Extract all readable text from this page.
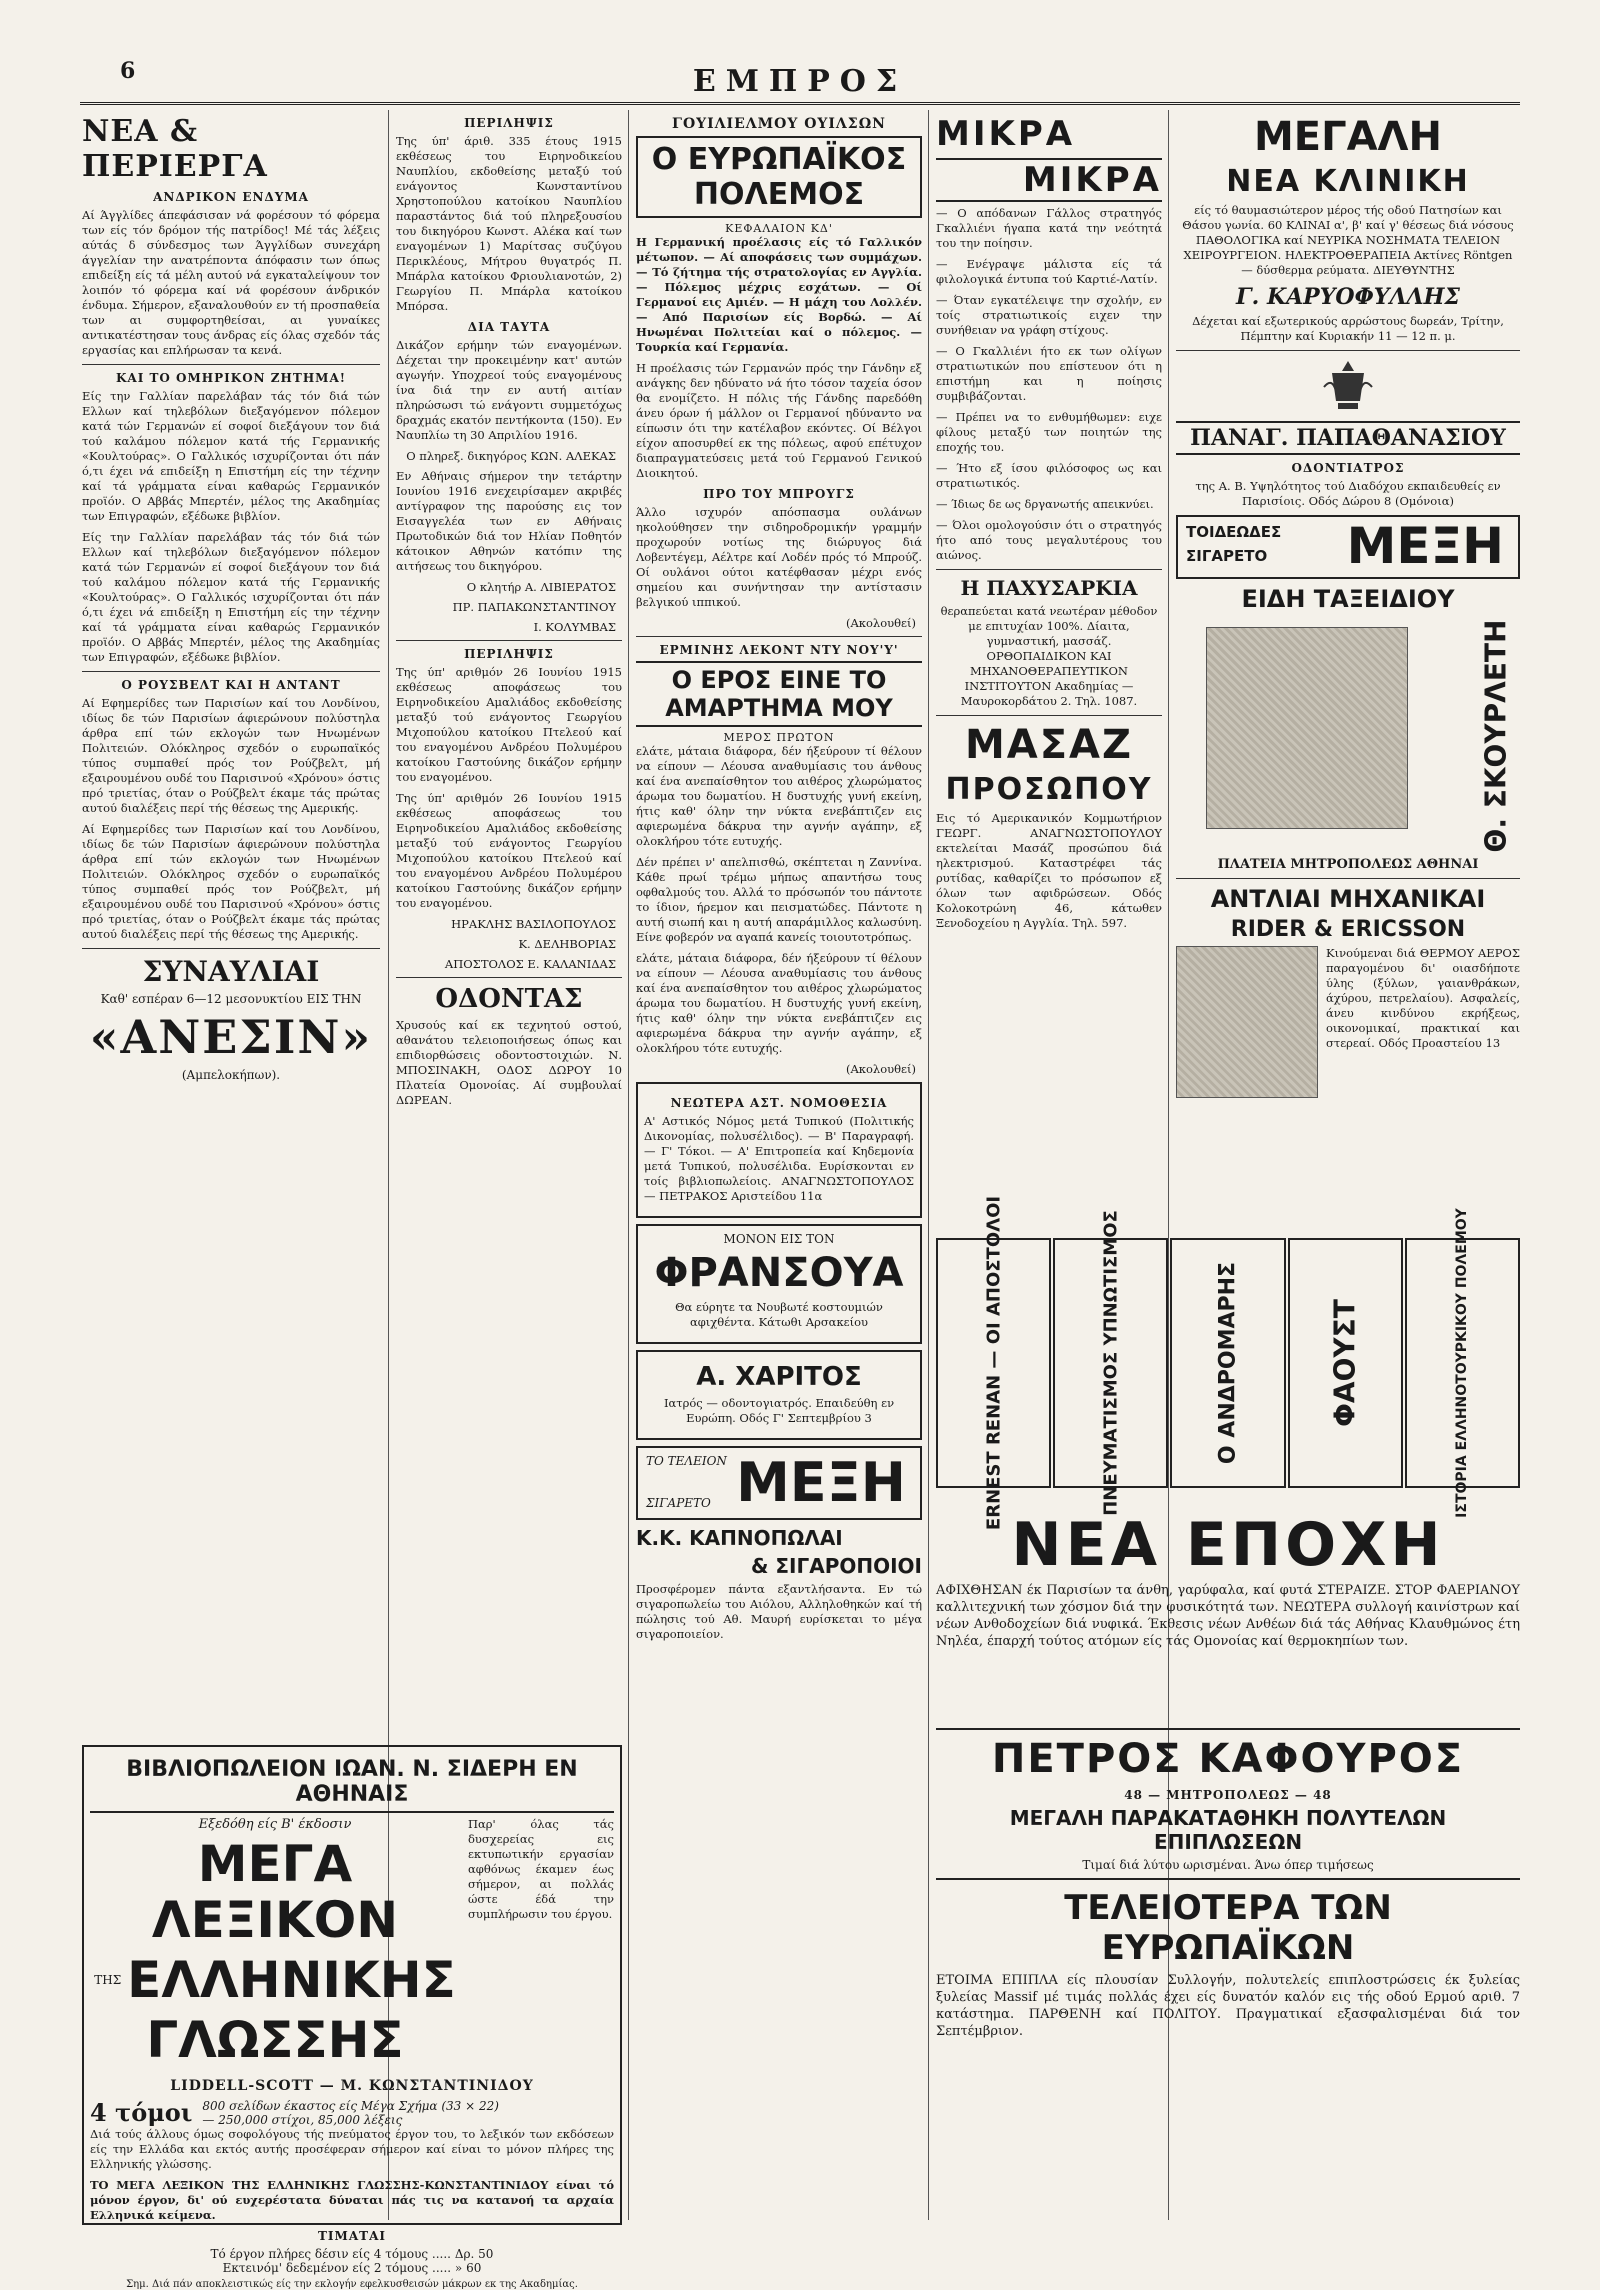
6	ΕΜΠΡΟΣ
ΝΕΑ & ΠΕΡΙΕΡΓΑ
ΑΝΔΡΙΚΟΝ ΕΝΔΥΜΑ

Αί Άγγλίδες άπεφάσισαν νά φορέσουν τό φόρεμα των είς τόν δρόμον τής πατρίδος! Μέ τάς λέξεις αύτάς δ σύνδεσμος των Άγγλίδων συνεχάρη άγγελίαν την ανατρέποντα άπόφασιν των όπως επιδείξη είς τά μέλη αυτού νά εγκαταλείψουν τον λοιπόν τό φόρεμα καί νά φορέσουν άνδρικόν ένδυμα. Σήμερον, εξαναλουθούν εν τή προσπαθεία των αι συμφορτηθείσαι, αι γυναίκες αντικατέστησαν τους άνδρας είς όλας σχεδόν τάς εργασίας και επλήρωσαν τα κενά.

ΚΑΙ ΤΟ ΟΜΗΡΙΚΟΝ ΖΗΤΗΜΑ!

Είς την Γαλλίαν παρελάβαν τάς τόν διά τών Ελλων καί τηλεβόλων διεξαγόμενον πόλεμον κατά τών Γερμανών εί σοφοί διεξάγουν τον διά τού καλάμου πόλεμον κατά τής Γερμανικής «Κουλτούρας». Ο Γαλλικός ισχυρίζονται ότι πάν ό,τι έχει νά επιδείξη η Επιστήμη είς την τέχνην καί τά γράμματα είναι καθαρώς Γερμανικόν προϊόν. Ο Αββάς Μπερτέν, μέλος της Ακαδημίας των Επιγραφών, εξέδωκε βιβλίον.

Είς την Γαλλίαν παρελάβαν τάς τόν διά τών Ελλων καί τηλεβόλων διεξαγόμενον πόλεμον κατά τών Γερμανών εί σοφοί διεξάγουν τον διά τού καλάμου πόλεμον κατά τής Γερμανικής «Κουλτούρας». Ο Γαλλικός ισχυρίζονται ότι πάν ό,τι έχει νά επιδείξη η Επιστήμη είς την τέχνην καί τά γράμματα είναι καθαρώς Γερμανικόν προϊόν. Ο Αββάς Μπερτέν, μέλος της Ακαδημίας των Επιγραφών, εξέδωκε βιβλίον.

Ο ΡΟΥΣΒΕΛΤ ΚΑΙ Η ΑΝΤΑΝΤ

Αί Εφημερίδες των Παρισίων καί του Λονδίνου, ιδίως δε τών Παρισίων άφιερώνουν πολύστηλα άρθρα επί τών εκλογών των Ηνωμένων Πολιτειών. Ολόκληρος σχεδόν ο ευρωπαϊκός τύπος συμπαθεί πρός τον Ρούζβελτ, μή εξαιρουμένου ουδέ του Παρισινού «Χρόνου» όστις πρό τριετίας, όταν ο Ρούζβελτ έκαμε τάς πρώτας αυτού διαλέξεις περί τής θέσεως της Αμερικής.

Αί Εφημερίδες των Παρισίων καί του Λονδίνου, ιδίως δε τών Παρισίων άφιερώνουν πολύστηλα άρθρα επί τών εκλογών των Ηνωμένων Πολιτειών. Ολόκληρος σχεδόν ο ευρωπαϊκός τύπος συμπαθεί πρός τον Ρούζβελτ, μή εξαιρουμένου ουδέ του Παρισινού «Χρόνου» όστις πρό τριετίας, όταν ο Ρούζβελτ έκαμε τάς πρώτας αυτού διαλέξεις περί τής θέσεως της Αμερικής.

ΣΥΝΑΥΛΙΑΙ
Καθ' εσπέραν 6—12 μεσονυκτίου ΕΙΣ ΤΗΝ
«ΑΝΕΣΙΝ»
(Αμπελοκήπων).
ΠΕΡΙΛΗΨΙΣ

Της ύπ' άριθ. 335 έτους 1915 εκθέσεως του Ειρηνοδικείου Ναυπλίου, εκδοθείσης μεταξύ τού ενάγοντος Κωνσταντίνου Χρηστοπούλου κατοίκου Ναυπλίου παραστάντος διά τού πληρεξουσίου του δικηγόρου Κωνστ. Αλέκα καί των εναγομένων 1) Μαρίτσας συζύγου Περικλέους, Μήτρου θυγατρός Π. Μπάρλα κατοίκου Φριουλιανοτών, 2) Γεωργίου Π. Μπάρλα κατοίκου Μπόρσα.

ΔΙΑ ΤΑΥΤΑ

Δικάζον ερήμην τών εναγομένων. Δέχεται την προκειμένην κατ' αυτών αγωγήν. Υποχρεοί τούς εναγομένους ίνα διά την εν αυτή αιτίαν πληρώσωσι τώ ενάγοντι συμμετόχως δραχμάς εκατόν πεντήκοντα (150). Εν Ναυπλίω τη 30 Απριλίου 1916.

Ο πληρεξ. δικηγόρος ΚΩΝ. ΑΛΕΚΑΣ

Εν Αθήναις σήμερον την τετάρτην Ιουνίου 1916 ενεχειρίσαμεν ακριβές αντίγραφον της παρούσης εις τον Εισαγγελέα των εν Αθήναις Πρωτοδικών διά τον Ηλίαν Ποθητόν κάτοικον Αθηνών κατόπιν της αιτήσεως του δικηγόρου.

Ο κλητήρ Α. ΛΙΒΙΕΡΑΤΟΣ
ΠΡ. ΠΑΠΑΚΩΝΣΤΑΝΤΙΝΟΥ
Ι. ΚΟΛΥΜΒΑΣ
ΠΕΡΙΛΗΨΙΣ

Της ύπ' αριθμόν 26 Ιουνίου 1915 εκθέσεως αποφάσεως του Ειρηνοδικείου Αμαλιάδος εκδοθείσης μεταξύ τού ενάγοντος Γεωργίου Μιχοπούλου κατοίκου Πτελεού καί του εναγομένου Ανδρέου Πολυμέρου κατοίκου Γαστούνης δικάζον ερήμην του εναγομένου.

Της ύπ' αριθμόν 26 Ιουνίου 1915 εκθέσεως αποφάσεως του Ειρηνοδικείου Αμαλιάδος εκδοθείσης μεταξύ τού ενάγοντος Γεωργίου Μιχοπούλου κατοίκου Πτελεού καί του εναγομένου Ανδρέου Πολυμέρου κατοίκου Γαστούνης δικάζον ερήμην του εναγομένου.

ΗΡΑΚΛΗΣ ΒΑΣΙΛΟΠΟΥΛΟΣ
Κ. ΔΕΛΗΒΟΡΙΑΣ
ΑΠΟΣΤΟΛΟΣ Ε. ΚΑΛΑΝΙΔΑΣ
ΟΔΟΝΤΑΣ

Χρυσούς καί εκ τεχνητού οστού, αθανάτου τελειοποιήσεως όπως και επιδιορθώσεις οδοντοστοιχιών. Ν. ΜΠΟΣΙΝΑΚΗ, ΟΔΟΣ ΔΩΡΟΥ 10 Πλατεία Ομονοίας. Αί συμβουλαί ΔΩΡΕΑΝ.

ΓΟΥΙΛΙΕΛΜΟΥ ΟΥΙΛΣΩΝ
Ο ΕΥΡΩΠΑΪΚΟΣ ΠΟΛΕΜΟΣ
ΚΕΦΑΛΑΙΟΝ ΚΔ'

Η Γερμανική προέλασις είς τό Γαλλικόν μέτωπον. — Αί αποφάσεις των συμμάχων. — Τό ζήτημα τής στρατολογίας εν Αγγλία. — Πόλεμος μέχρις εσχάτων. — Οί Γερμανοί εις Αμιέν. — Η μάχη του Λολλέν. — Από Παρισίων είς Βορδώ. — Αί Ηνωμέναι Πολιτείαι καί ο πόλεμος. — Τουρκία καί Γερμανία.

Η προέλασις τών Γερμανών πρός την Γάνδην εξ ανάγκης δεν ηδύνατο νά ήτο τόσον ταχεία όσον θα ενομίζετο. Η πόλις τής Γάνδης παρεδόθη άνευ όρων ή μάλλον οι Γερμανοί ηδύναντο να είπωσιν ότι την κατέλαβον εκόντες. Οί Βέλγοι είχον αποσυρθεί εκ της πόλεως, αφού επέτυχον διαπραγματεύσεις μετά τού Γερμανού Γενικού Διοικητού.

ΠΡΟ ΤΟΥ ΜΠΡΟΥΓΣ

Άλλο ισχυρόν απόσπασμα ουλάνων ηκολούθησεν την σιδηροδρομικήν γραμμήν προχωρούν νοτίως της διώρυγος διά Λοβεντέγεμ, Αέλτρε καί Λοδέν πρός τό Μπρούζ. Οί ουλάνοι ούτοι κατέφθασαν μέχρι ενός σημείου και συνήντησαν την αντίστασιν βελγικού ιππικού.

(Ακολουθεί)
ΕΡΜΙΝΗΣ ΛΕΚΟΝΤ ΝΤΥ ΝΟΥ'Υ'
Ο ΕΡΟΣ ΕΙΝΕ ΤΟ ΑΜΑΡΤΗΜΑ ΜΟΥ
ΜΕΡΟΣ ΠΡΩΤΟΝ

ελάτε, μάταια διάφορα, δέν ήξεύρουν τί θέλουν να είπουν — Λέουσα αναθυμίασις του άνθους καί ένα ανεπαίσθητον του αιθέρος χλωρώματος άρωμα του δωματίου. Η δυστυχής γυνή εκείνη, ήτις καθ' όλην την νύκτα ενεβάπτιζεν εις αφιερωμένα δάκρυα την αγνήν αγάπην, εξ ολοκλήρου τότε ευτυχής.

Δέν πρέπει ν' απελπισθώ, σκέπτεται η Ζαννίνα. Κάθε πρωί τρέμω μήπως απαντήσω τους οφθαλμούς του. Αλλά το πρόσωπόν του πάντοτε το ίδιον, ήρεμον και πεισματώδες. Πάντοτε η αυτή σιωπή και η αυτή απαράμιλλος καλωσύνη. Είνε φοβερόν να αγαπά κανείς τοιουτοτρόπως.

ελάτε, μάταια διάφορα, δέν ήξεύρουν τί θέλουν να είπουν — Λέουσα αναθυμίασις του άνθους καί ένα ανεπαίσθητον του αιθέρος χλωρώματος άρωμα του δωματίου. Η δυστυχής γυνή εκείνη, ήτις καθ' όλην την νύκτα ενεβάπτιζεν εις αφιερωμένα δάκρυα την αγνήν αγάπην, εξ ολοκλήρου τότε ευτυχής.

(Ακολουθεί)
ΝΕΩΤΕΡΑ ΑΣΤ. ΝΟΜΟΘΕΣΙΑ

Α' Αστικός Νόμος μετά Τυπικού (Πολιτικής Δικονομίας, πολυσέλιδος). — Β' Παραγραφή. — Γ' Τόκοι. — Α' Επιτροπεία καί Κηδεμονία μετά Τυπικού, πολυσέλιδα. Ευρίσκονται εν τοίς βιβλιοπωλείοις. ΑΝΑΓΝΩΣΤΟΠΟΥΛΟΣ — ΠΕΤΡΑΚΟΣ Αριστείδου 11α

ΜΟΝΟΝ ΕΙΣ ΤΟΝ
ΦΡΑΝΣΟΥΑ

Θα εύρητε τα Νουβωτέ κοστουμιών αφιχθέντα. Κάτωθι Αρσακείου

Α. ΧΑΡΙΤΟΣ

Ιατρός — οδοντογιατρός. Επαιδεύθη εν Ευρώπη. Οδός Γ' Σεπτεμβρίου 3

ΤΟ ΤΕΛΕΙΟΝ
ΣΙΓΑΡΕΤΟ ΜΕΞΗ
Κ.Κ. ΚΑΠΝΟΠΩΛΑΙ
& ΣΙΓΑΡΟΠΟΙΟΙ

Προσφέρομεν πάντα εξαντλήσαντα. Εν τώ σιγαροπωλείω του Αιόλου, Αλληλοθηκών καί τή πώλησις τού Αθ. Μαυρή ευρίσκεται το μέγα σιγαροποιείον.

ΜΙΚΡΑ
ΜΙΚΡΑ

— Ο απόδανων Γάλλος στρατηγός Γκαλλιένι ήγαπα κατά την νεότητά του την ποίησιν.

— Ενέγραψε μάλιστα είς τά φιλολογικά έντυπα τού Καρτιέ-Λατίν.

— Όταν εγκατέλειψε την σχολήν, εν τοίς στρατιωτικοίς ειχεν την συνήθειαν να γράφη στίχους.

— Ο Γκαλλιένι ήτο εκ των ολίγων στρατιωτικών που επίστευον ότι η επιστήμη και η ποίησις συμβιβάζονται.

— Πρέπει να το ενθυμήθωμεν: ειχε φίλους μεταξύ των ποιητών της εποχής του.

— Ήτο εξ ίσου φιλόσοφος ως και στρατιωτικός.

— Ίδιως δε ως δργανωτής απεικνύει.

— Όλοι ομολογούσιν ότι ο στρατηγός ήτο από τους μεγαλυτέρους του αιώνος.

Η ΠΑΧΥΣΑΡΚΙΑ

θεραπεύεται κατά νεωτέραν μέθοδον με επιτυχίαν 100%. Δίαιτα, γυμναστική, μασσάζ. ΟΡΘΟΠΑΙΔΙΚΟΝ ΚΑΙ ΜΗΧΑΝΟΘΕΡΑΠΕΥΤΙΚΟΝ ΙΝΣΤΙΤΟΥΤΟΝ Ακαδημίας — Μαυροκορδάτου 2. Τηλ. 1087.

ΜΑΣΑΖ
ΠΡΟΣΩΠΟΥ

Εις τό Αμερικανικόν Κομμωτήριον ΓΕΩΡΓ. ΑΝΑΓΝΩΣΤΟΠΟΥΛΟΥ εκτελείται Μασάζ προσώπου διά ηλεκτρισμού. Καταστρέφει τάς ρυτίδας, καθαρίζει το πρόσωπον εξ όλων των αφιδρώσεων. Οδός Κολοκοτρώνη 46, κάτωθεν Ξενοδοχείου η Αγγλία. Τηλ. 597.

ΜΕΓΑΛΗ
ΝΕΑ ΚΛΙΝΙΚΗ

είς τό θαυμασιώτερον μέρος τής οδού Πατησίων και Θάσου γωνία. 60 ΚΛΙΝΑΙ α', β' καί γ' θέσεως διά νόσους ΠΑΘΟΛΟΓΙΚΑ καί ΝΕΥΡΙΚΑ ΝΟΣΗΜΑΤΑ ΤΕΛΕΙΟΝ ΧΕΙΡΟΥΡΓΕΙΟΝ. ΗΛΕΚΤΡΟΘΕΡΑΠΕΙΑ Ακτίνες Röntgen — δύσθερμα ρεύματα. ΔΙΕΥΘΥΝΤΗΣ

Γ. ΚΑΡΥΟΦΥΛΛΗΣ

Δέχεται καί εξωτερικούς αρρώστους δωρεάν, Τρίτην, Πέμπτην καί Κυριακήν 11 — 12 π. μ.

ΠΑΝΑΓ. ΠΑΠΑΘΑΝΑΣΙΟΥ
ΟΔΟΝΤΙΑΤΡΟΣ

της Α. Β. Υψηλότητος τού Διαδόχου εκπαιδευθείς εν Παρισίοις. Οδός Δώρου 8 (Ομόνοια)

ΤΟΙΔΕΩΔΕΣ
ΣΙΓΑΡΕΤΟ ΜΕΞΗ
ΕΙΔΗ ΤΑΞΕΙΔΙΟΥ
Θ. ΣΚΟΥΡΛΕΤΗ
ΠΛΑΤΕΙΑ ΜΗΤΡΟΠΟΛΕΩΣ ΑΘΗΝΑΙ
ΑΝΤΛΙΑΙ ΜΗΧΑΝΙΚΑΙ
RIDER & ERICSSON

Κινούμεναι διά ΘΕΡΜΟΥ ΑΕΡΟΣ παραγομένου δι' οιασδήποτε ύλης (ξύλων, γαιανθράκων, άχύρου, πετρελαίου). Ασφαλείς, άνευ κινδύνου εκρήξεως, οικονομικαί, πρακτικαί και στερεαί. Οδός Προαστείου 13

ERNEST RENAN — ΟΙ ΑΠΟΣΤΟΛΟΙ	ΠΝΕΥΜΑΤΙΣΜΟΣ ΥΠΝΩΤΙΣΜΟΣ	Ο ΑΝΔΡΟΜΑΡΗΣ	ΦΑΟΥΣΤ	ΙΣΤΟΡΙΑ ΕΛΛΗΝΟΤΟΥΡΚΙΚΟΥ ΠΟΛΕΜΟΥ
ΝΕΑ ΕΠΟΧΗ

ΑΦΙΧΘΗΣΑΝ έκ Παρισίων τα άνθη, γαρύφαλα, καί φυτά ΣΤΕΡΑΙΖΕ. ΣΤΟΡ ΦΑΕΡΙΑΝΟΥ καλλιτεχνική των χόσμον διά την φυσικότητά των. ΝΕΩΤΕΡΑ συλλογή καινίστρων καί νέων Ανθοδοχείων διά νυφικά. Έκθεσις νέων Ανθέων διά τάς Αθήνας Κλαυθμώνος έτη Νηλέα, έπαρχή τούτος ατόμων είς τάς Ομονοίας καί θερμοκηπίων των.

ΠΕΤΡΟΣ ΚΑΦΟΥΡΟΣ
48 — ΜΗΤΡΟΠΟΛΕΩΣ — 48
ΜΕΓΑΛΗ ΠΑΡΑΚΑΤΑΘΗΚΗ ΠΟΛΥΤΕΛΩΝ ΕΠΙΠΛΩΣΕΩΝ
Τιμαί διά λύτου ωρισμέναι. Άνω όπερ τιμήσεως
ΤΕΛΕΙΟΤΕΡΑ ΤΩΝ ΕΥΡΩΠΑΪΚΩΝ

ΕΤΟΙΜΑ ΕΠΙΠΛΑ είς πλουσίαν Συλλογήν, πολυτελείς επιπλοστρώσεις έκ ξυλείας ξυλείας Massif μέ τιμάς πολλάς έχει είς δυνατόν καλόν εις τής οδού Ερμού αριθ. 7 κατάστημα. ΠΑΡΘΕΝΗ καί ΠΟΛΙΤΟΥ. Πραγματικαί εξασφαλισμέναι διά τον Σεπτέμβριον.

ΒΙΒΛΙΟΠΩΛΕΙΟΝ ΙΩΑΝ. Ν. ΣΙΔΕΡΗ ΕΝ ΑΘΗΝΑΙΣ
Εξεδόθη είς Β' έκδοσιν
ΜΕΓΑ ΛΕΞΙΚΟΝ
ΤΗΣ ΕΛΛΗΝΙΚΗΣ
ΓΛΩΣΣΗΣ

Παρ' όλας τάς δυσχερείας εις εκτυπωτικήν εργασίαν αφθόνως έκαμεν έως σήμερον, αι πολλάς ώστε έδά την συμπλήρωσιν του έργου.

LIDDELL-SCOTT — Μ. ΚΩΝΣΤΑΝΤΙΝΙΔΟΥ
4 τόμοι 800 σελίδων έκαστος είς Μέγα Σχήμα (33 × 22)
— 250,000 στίχοι, 85,000 λέξεις

Διά τούς άλλους όμως σοφολόγους τής πνεύματος έργον του, το λεξικόν των εκδόσεων είς την Ελλάδα και εκτός αυτής προσέφεραν σήμερον καί είναι το μόνον πλήρες της Ελληνικής γλώσσης.

ΤΟ ΜΕΓΑ ΛΕΞΙΚΟΝ ΤΗΣ ΕΛΛΗΝΙΚΗΣ ΓΛΩΣΣΗΣ-ΚΩΝΣΤΑΝΤΙΝΙΔΟΥ είναι τό μόνον έργον, δι' ού ευχερέστατα δύναται πάς τις να κατανοή τα αρχαία Ελληνικά κείμενα.

ΤΙΜΑΤΑΙ
Τό έργον πλήρες δέσιν είς 4 τόμους ..... Δρ. 50
Εκτεινόμ' δεδεμένον είς 2 τόμους ..... » 60
Σημ. Διά πάν αποκλειστικώς είς την εκλογήν εφελκυσθεισών μάκρων εκ της Ακαδημίας.
